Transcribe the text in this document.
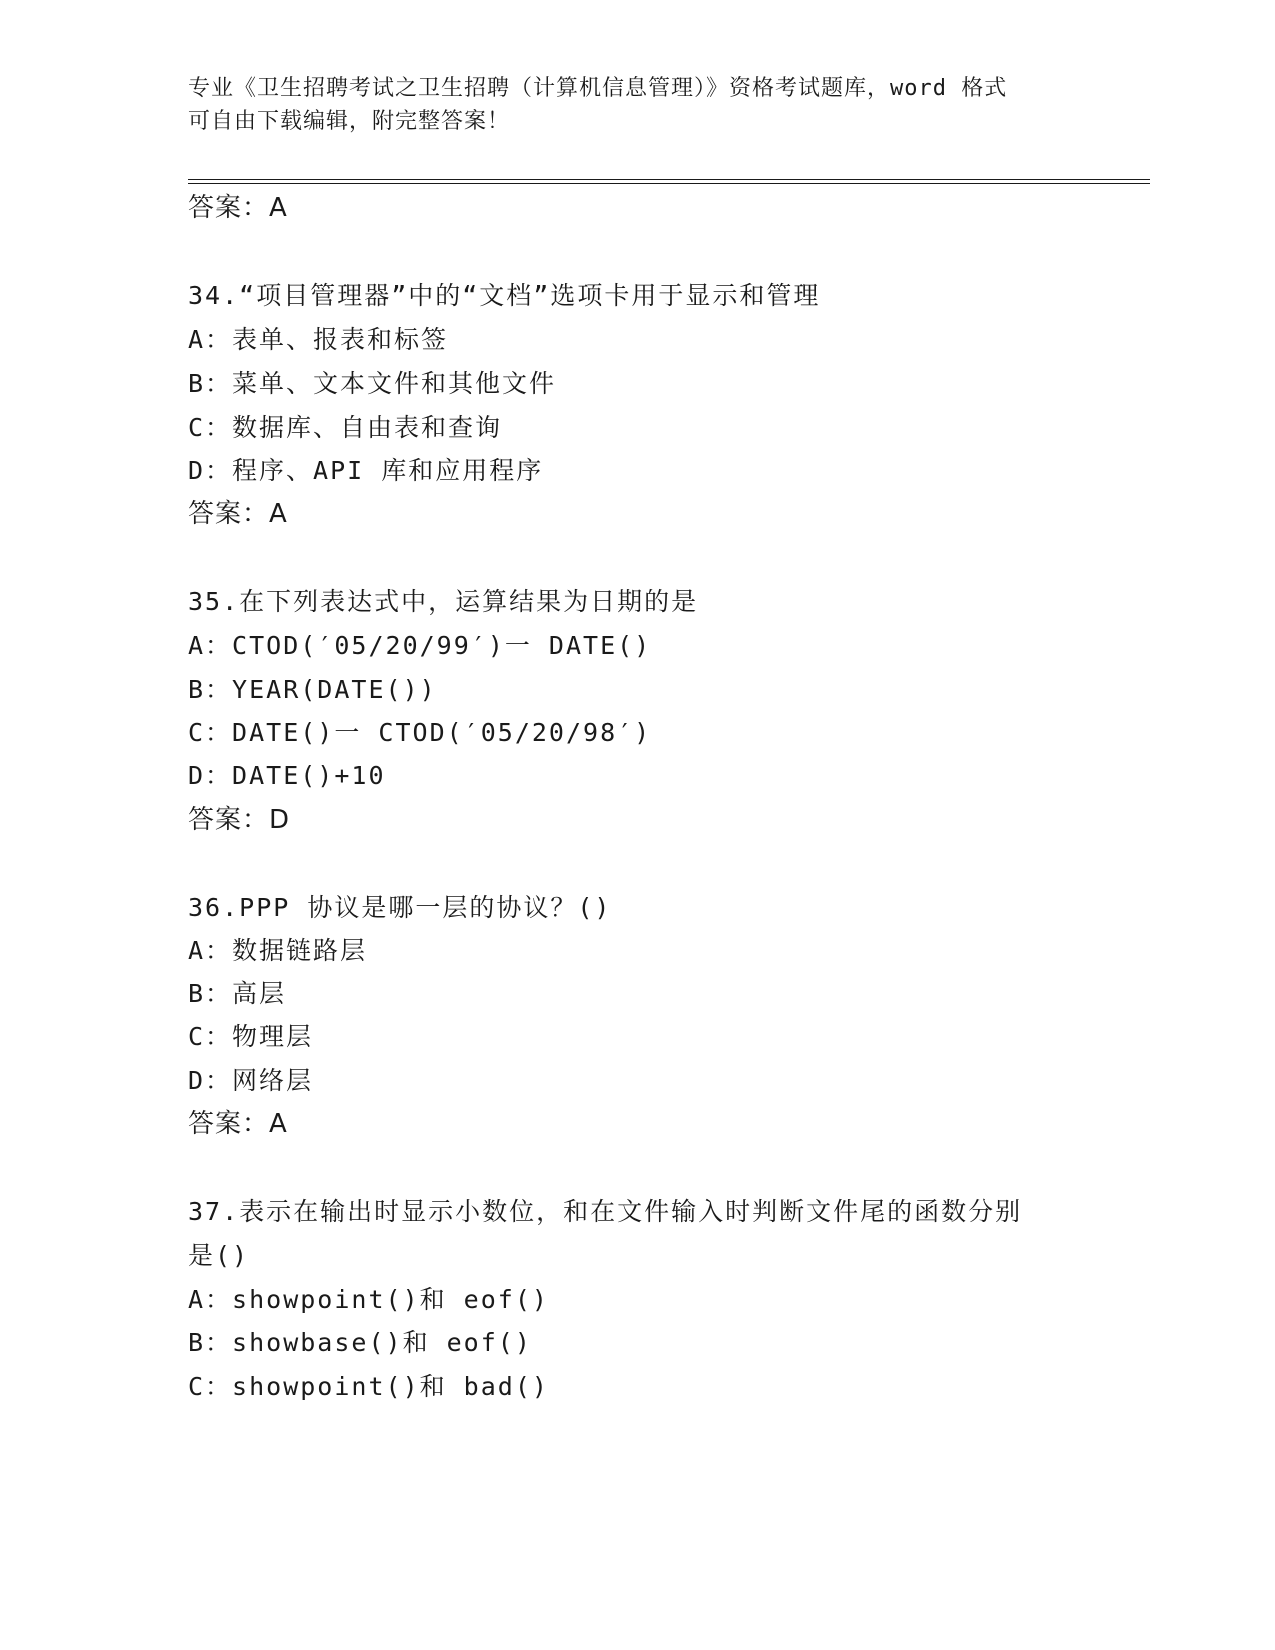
专业《卫生招聘考试之卫生招聘（计算机信息管理）》资格考试题库，word 格式
可自由下载编辑，附完整答案！
答案：A
34.“项目管理器”中的“文档”选项卡用于显示和管理
A：表单、报表和标签
B：菜单、文本文件和其他文件
C：数据库、自由表和查询
D：程序、API 库和应用程序
答案：A
35.在下列表达式中，运算结果为日期的是
A：CTOD(′05/20/99′)一 DATE()
B：YEAR(DATE())
C：DATE()一 CTOD(′05/20/98′)
D：DATE()+10
答案：D
36.PPP 协议是哪一层的协议？()
A：数据链路层
B：高层
C：物理层
D：网络层
答案：A
37.表示在输出时显示小数位，和在文件输入时判断文件尾的函数分别
是()
A：showpoint()和 eof()
B：showbase()和 eof()
C：showpoint()和 bad()
